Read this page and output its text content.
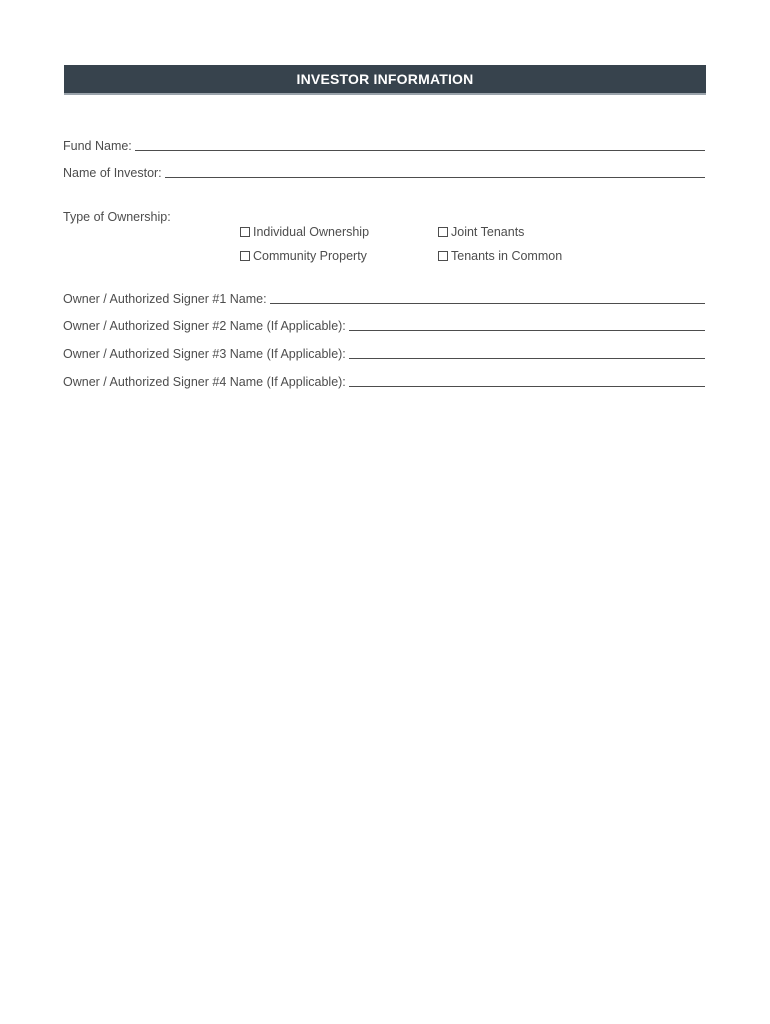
INVESTOR INFORMATION
Fund Name:
Name of Investor:
Type of Ownership:
Individual Ownership	Joint Tenants
Community Property	Tenants in Common
Owner / Authorized Signer #1 Name:
Owner / Authorized Signer #2 Name (If Applicable):
Owner / Authorized Signer #3 Name (If Applicable):
Owner / Authorized Signer #4 Name (If Applicable):
